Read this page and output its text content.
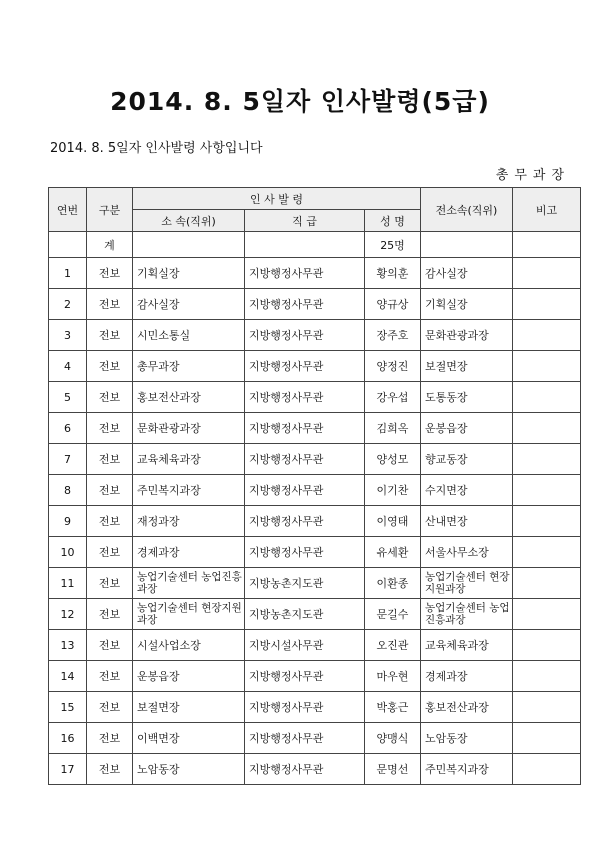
2014. 8. 5일자 인사발령(5급)
2014. 8. 5일자 인사발령 사항입니다
총무과장
연번	구분	인 사 발 령			전소속(직위)	비고
		소 속(직위)	직 급	성 명		
	계			25명		
1	전보	기획실장	지방행정사무관	황의훈	감사실장	
2	전보	감사실장	지방행정사무관	양규상	기획실장	
3	전보	시민소통실	지방행정사무관	장주호	문화관광과장	
4	전보	총무과장	지방행정사무관	양정진	보절면장	
5	전보	홍보전산과장	지방행정사무관	강우섭	도통동장	
6	전보	문화관광과장	지방행정사무관	김희옥	운봉읍장	
7	전보	교육체육과장	지방행정사무관	양성모	향교동장	
8	전보	주민복지과장	지방행정사무관	이기찬	수지면장	
9	전보	재정과장	지방행정사무관	이영태	산내면장	
10	전보	경제과장	지방행정사무관	유세환	서울사무소장	
11	전보	농업기술센터 농업진흥과장	지방농촌지도관	이환종	농업기술센터 현장지원과장	
12	전보	농업기술센터 현장지원과장	지방농촌지도관	문길수	농업기술센터 농업진흥과장	
13	전보	시설사업소장	지방시설사무관	오진관	교육체육과장	
14	전보	운봉읍장	지방행정사무관	마우현	경제과장	
15	전보	보절면장	지방행정사무관	박홍근	홍보전산과장	
16	전보	이백면장	지방행정사무관	양맹식	노암동장	
17	전보	노암동장	지방행정사무관	문명선	주민복지과장	
